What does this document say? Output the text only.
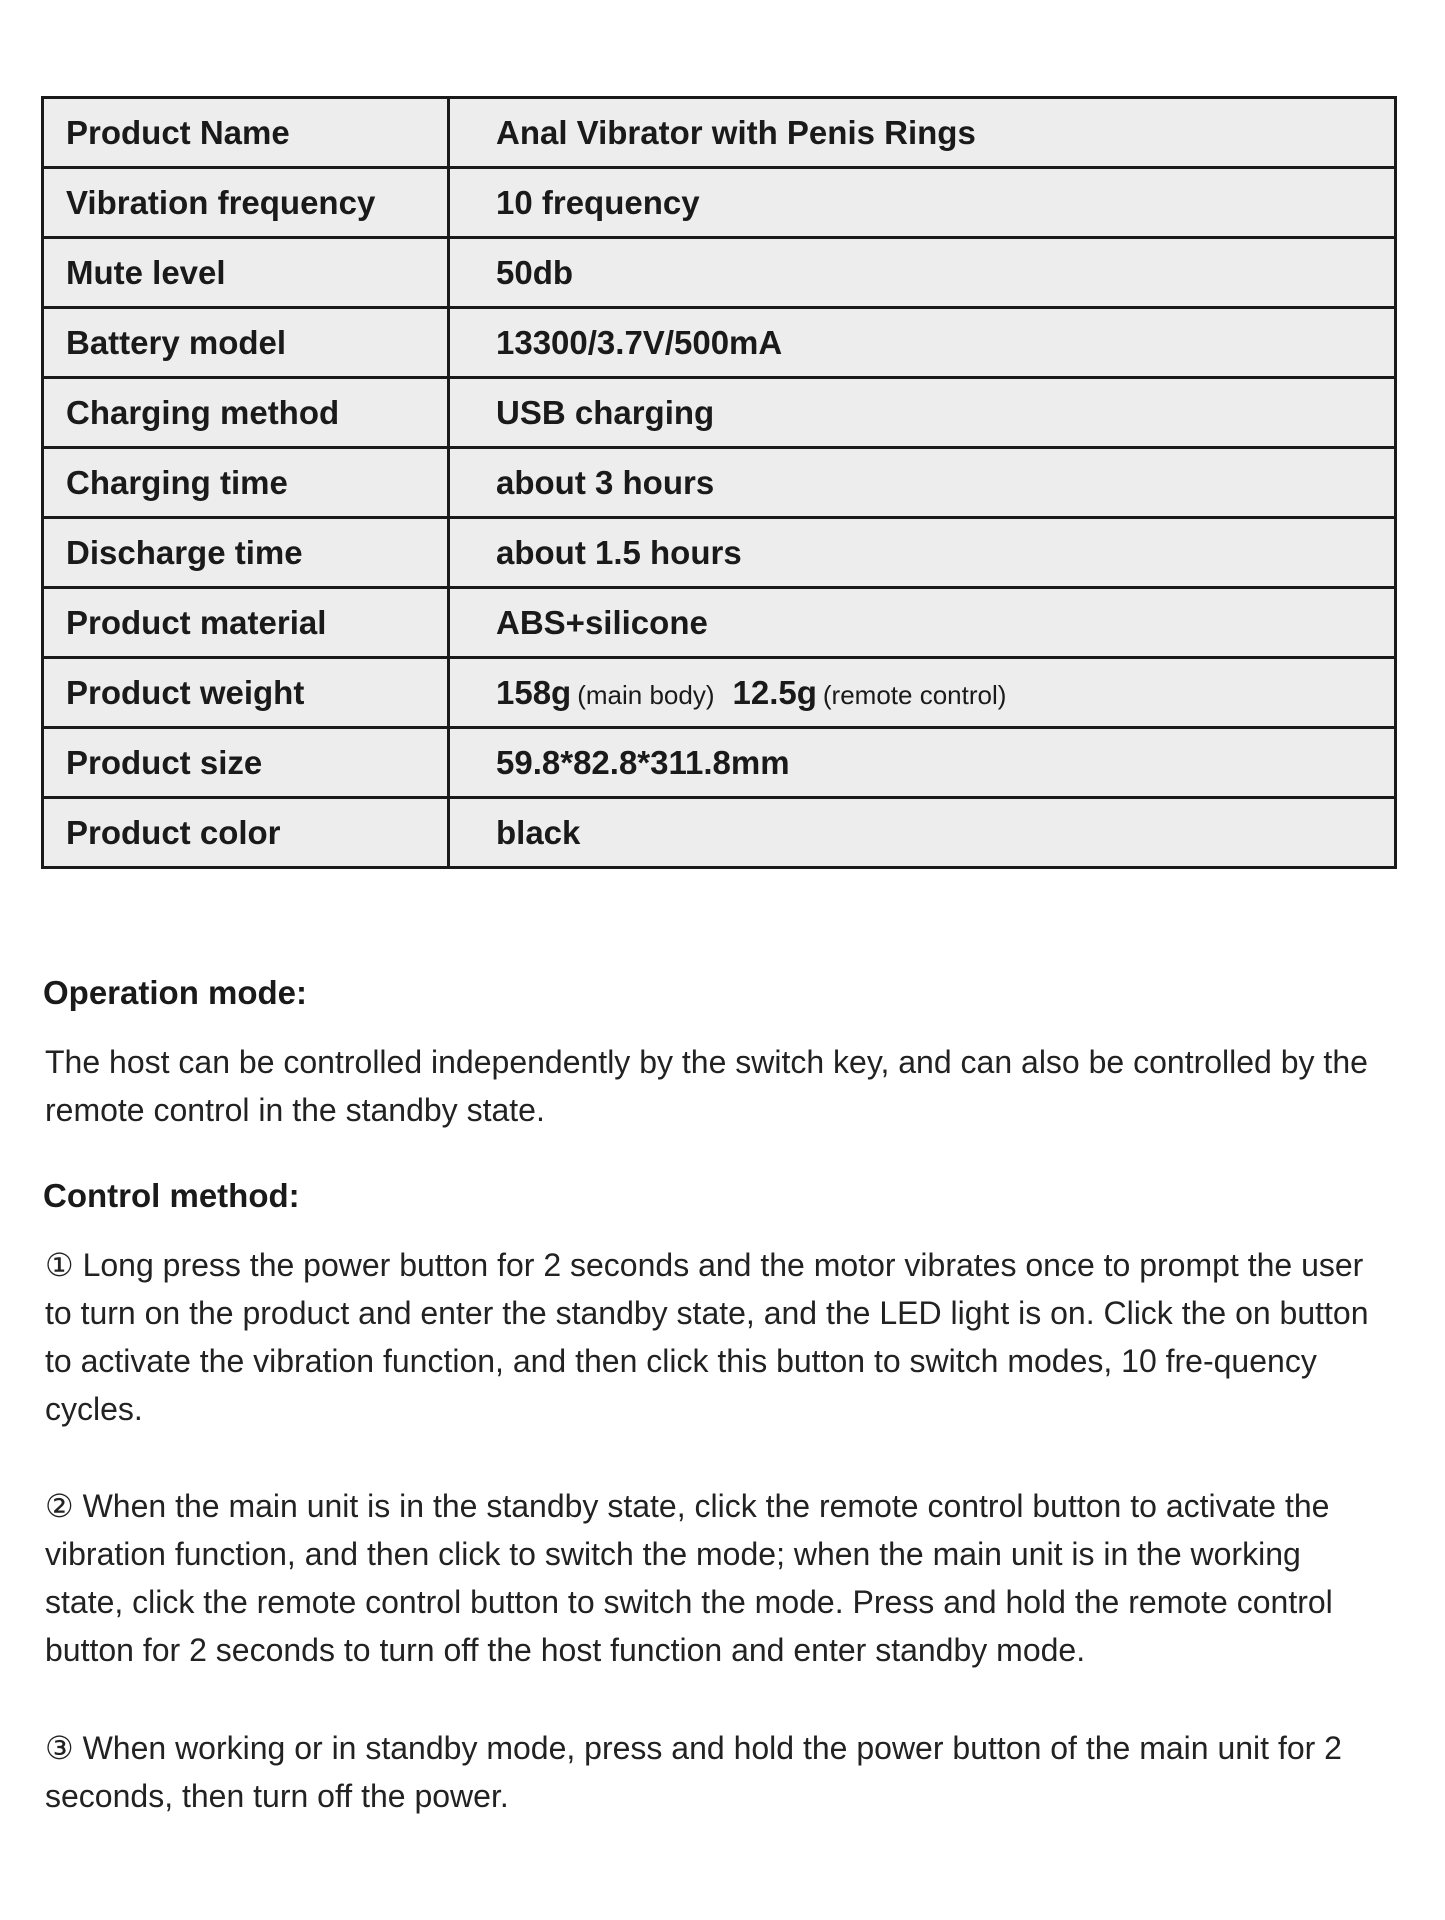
Product Name	Anal Vibrator with Penis Rings
Vibration frequency	10 frequency
Mute level	50db
Battery model	13300/3.7V/500mA
Charging method	USB charging
Charging time	about 3 hours
Discharge time	about 1.5 hours
Product material	ABS+silicone
Product weight	158g (main body) 12.5g (remote control)
Product size	59.8*82.8*311.8mm
Product color	black
Operation mode:

The host can be controlled independently by the switch key, and can also be controlled by the remote control in the standby state.

Control method:

① Long press the power button for 2 seconds and the motor vibrates once to prompt the user to turn on the product and enter the standby state, and the LED light is on. Click the on button to activate the vibration function, and then click this button to switch modes, 10 fre-quency cycles.

② When the main unit is in the standby state, click the remote control button to activate the vibration function, and then click to switch the mode; when the main unit is in the working state, click the remote control button to switch the mode. Press and hold the remote control button for 2 seconds to turn off the host function and enter standby mode.

③ When working or in standby mode, press and hold the power button of the main unit for 2 seconds, then turn off the power.
